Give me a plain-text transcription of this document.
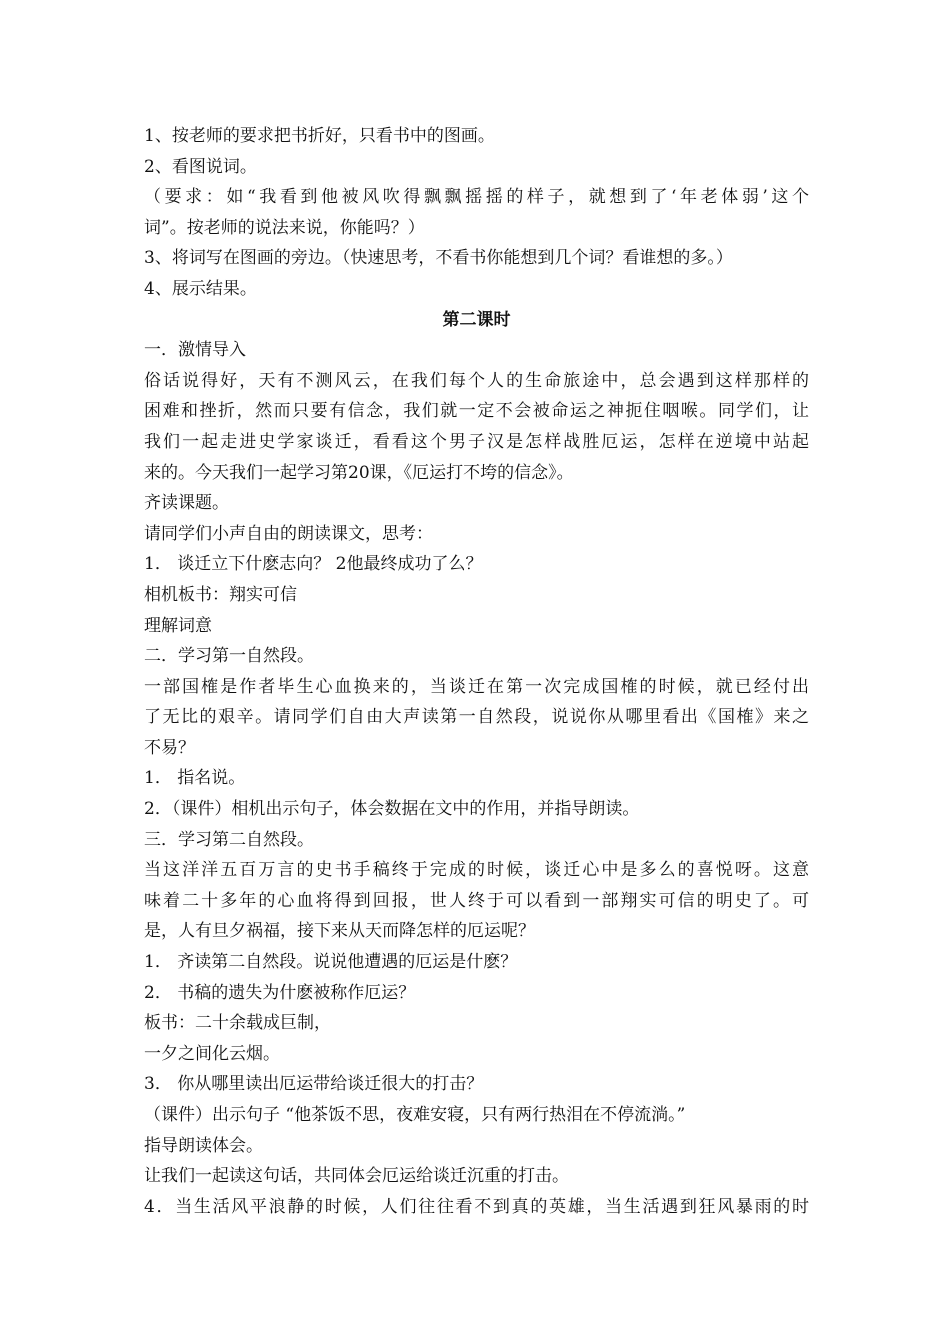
1、按老师的要求把书折好，只看书中的图画。
2、看图说词。
（要求：如“我看到他被风吹得飘飘摇摇的样子，就想到了‘年老体弱’这个
词”。按老师的说法来说，你能吗？）
3、将词写在图画的旁边。（快速思考，不看书你能想到几个词？看谁想的多。）
4、展示结果。
第二课时
一．激情导入
俗话说得好，天有不测风云，在我们每个人的生命旅途中，总会遇到这样那样的
困难和挫折，然而只要有信念，我们就一定不会被命运之神扼住咽喉。同学们，让
我们一起走进史学家谈迁，看看这个男子汉是怎样战胜厄运，怎样在逆境中站起
来的。今天我们一起学习第20课，《厄运打不垮的信念》。
齐读课题。
请同学们小声自由的朗读课文，思考：
1． 谈迁立下什麽志向？ 2他最终成功了么？
相机板书：翔实可信
理解词意
二．学习第一自然段。
一部国榷是作者毕生心血换来的，当谈迁在第一次完成国榷的时候，就已经付出
了无比的艰辛。请同学们自由大声读第一自然段，说说你从哪里看出《国榷》来之
不易？
1． 指名说。
2．（课件）相机出示句子，体会数据在文中的作用，并指导朗读。
三．学习第二自然段。
当这洋洋五百万言的史书手稿终于完成的时候，谈迁心中是多么的喜悦呀。这意
味着二十多年的心血将得到回报，世人终于可以看到一部翔实可信的明史了。可
是，人有旦夕祸福，接下来从天而降怎样的厄运呢？
1． 齐读第二自然段。说说他遭遇的厄运是什麽？
2． 书稿的遗失为什麽被称作厄运？
板书：二十余载成巨制，
一夕之间化云烟。
3． 你从哪里读出厄运带给谈迁很大的打击？
（课件）出示句子 “他茶饭不思，夜难安寝，只有两行热泪在不停流淌。”
指导朗读体会。
让我们一起读这句话，共同体会厄运给谈迁沉重的打击。
4．当生活风平浪静的时候，人们往往看不到真的英雄，当生活遇到狂风暴雨的时
